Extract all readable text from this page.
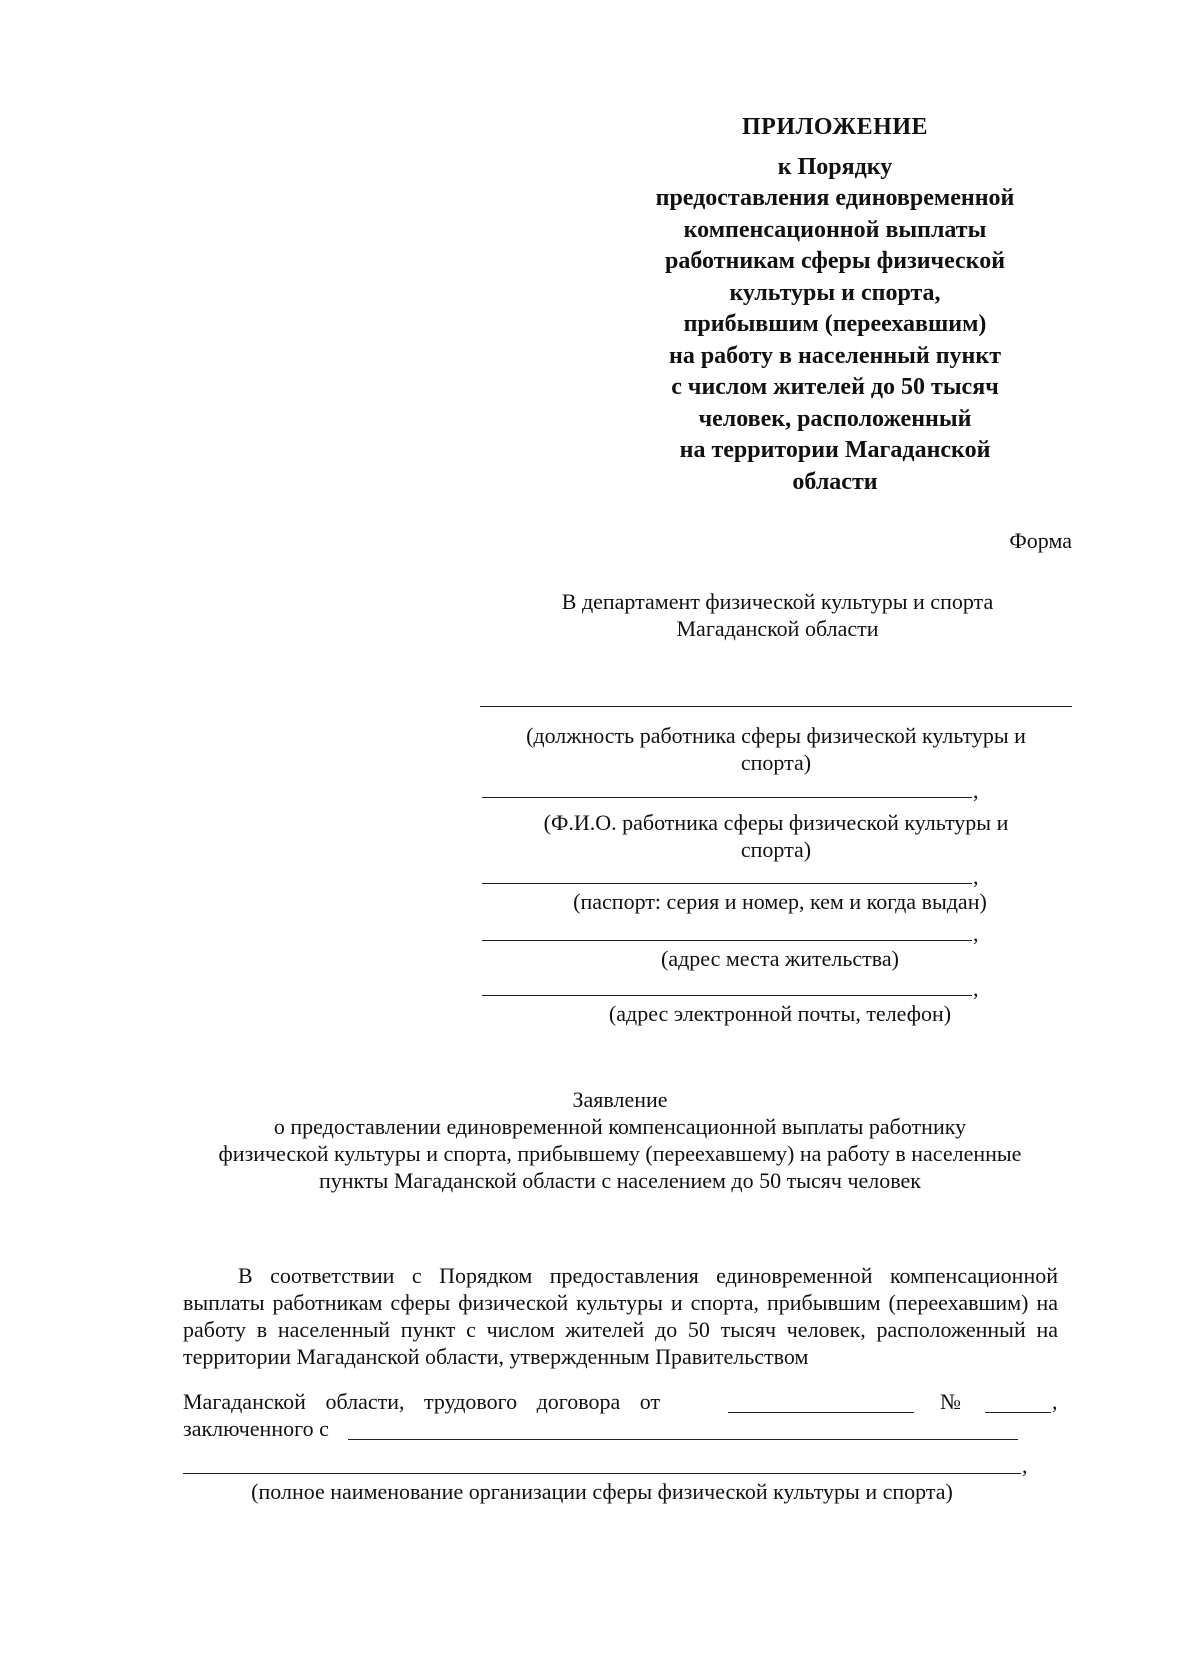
ПРИЛОЖЕНИЕ
к Порядку
предоставления единовременной
компенсационной выплаты
работникам сферы физической
культуры и спорта,
прибывшим (переехавшим)
на работу в населенный пункт
с числом жителей до 50 тысяч
человек, расположенный
на территории Магаданской
области
Форма
В департамент физической культуры и спорта
Магаданской области
(должность работника сферы физической культуры и
спорта)
,
(Ф.И.О. работника сферы физической культуры и
спорта)
,
(паспорт: серия и номер, кем и когда выдан)
,
(адрес места жительства)
,
(адрес электронной почты, телефон)
Заявление
о предоставлении единовременной компенсационной выплаты работнику
физической культуры и спорта, прибывшему (переехавшему) на работу в населенные
пункты Магаданской области с населением до 50 тысяч человек
В соответствии с Порядком предоставления единовременной компенсационной выплаты работникам сферы физической культуры и спорта, прибывшим (переехавшим) на работу в населенный пункт с числом жителей до 50 тысяч человек, расположенный на территории Магаданской области, утвержденным Правительством
Магаданской области, трудового договора от	№	,
заключенного с
,
(полное наименование организации сферы физической культуры и спорта)
